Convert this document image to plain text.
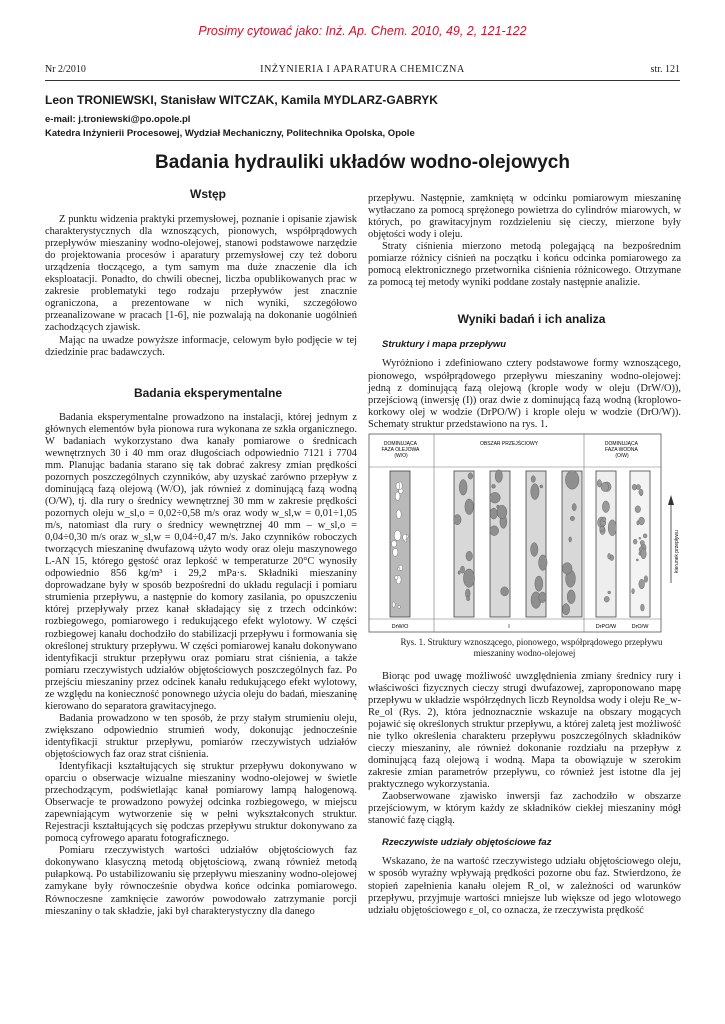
Prosimy cytować jako: Inż. Ap. Chem. 2010, 49, 2, 121-122
Nr 2/2010	INŻYNIERIA I APARATURA CHEMICZNA	str. 121
Leon TRONIEWSKI, Stanisław WITCZAK, Kamila MYDLARZ-GABRYK
e-mail: j.troniewski@po.opole.pl
Katedra Inżynierii Procesowej, Wydział Mechaniczny, Politechnika Opolska, Opole
Badania hydrauliki układów wodno-olejowych

Wstęp

Z punktu widzenia praktyki przemysłowej, poznanie i opisanie zjawisk charakterystycznych dla wznoszących, pionowych, współprądowych przepływów mieszaniny wodno-olejowej, stanowi podstawowe narzędzie do projektowania procesów i aparatury przemysłowej czy też doboru urządzenia tłoczącego, a tym samym ma duże znaczenie dla ich eksploatacji. Ponadto, do chwili obecnej, liczba opublikowanych prac w zakresie problematyki tego rodzaju przepływów jest znacznie ograniczona, a prezentowane w nich wyniki, szczegółowo przeanalizowane w pracach [1-6], nie pozwalają na dokonanie uogólnień zachodzących zjawisk.

Mając na uwadze powyższe informacje, celowym było podjęcie w tej dziedzinie prac badawczych.

Badania eksperymentalne

Badania eksperymentalne prowadzono na instalacji, której jednym z głównych elementów była pionowa rura wykonana ze szkła organicznego. W badaniach wykorzystano dwa kanały pomiarowe o średnicach wewnętrznych 30 i 40 mm oraz długościach odpowiednio 7121 i 7704 mm. Planując badania starano się tak dobrać zakresy zmian prędkości pozornych poszczególnych czynników, aby uzyskać zarówno przepływ z dominującą fazą olejową (W/O), jak również z dominującą fazą wodną (O/W), tj. dla rury o średnicy wewnętrznej 30 mm w zakresie prędkości pozornych oleju w_sl,o = 0,02÷0,58 m/s oraz wody w_sl,w = 0,01÷1,05 m/s, natomiast dla rury o średnicy wewnętrznej 40 mm – w_sl,o = 0,04÷0,30 m/s oraz w_sl,w = 0,04÷0,47 m/s. Jako czynników roboczych tworzących mieszaninę dwufazową użyto wody oraz oleju maszynowego L-AN 15, którego gęstość oraz lepkość w temperaturze 20°C wynosiły odpowiednio 856 kg/m³ i 29,2 mPa·s. Składniki mieszaniny doprowadzane były w sposób bezpośredni do układu regulacji i pomiaru strumienia przepływu, a następnie do komory zasilania, po opuszczeniu której przepływały przez kanał składający się z trzech odcinków: rozbiegowego, pomiarowego i redukującego efekt wylotowy. W części rozbiegowej kanału dochodziło do stabilizacji przepływu i formowania się określonej struktury przepływu. W części pomiarowej kanału dokonywano identyfikacji struktur przepływu oraz pomiaru strat ciśnienia, a także pomiaru rzeczywistych udziałów objętościowych poszczególnych faz. Po przejściu mieszaniny przez odcinek kanału redukującego efekt wylotowy, ze względu na konieczność ponownego użycia oleju do badań, mieszaninę kierowano do separatora grawitacyjnego.

Badania prowadzono w ten sposób, że przy stałym strumieniu oleju, zwiększano odpowiednio strumień wody, dokonując jednocześnie identyfikacji struktur przepływu, pomiarów rzeczywistych udziałów objętościowych faz oraz strat ciśnienia.

Identyfikacji kształtujących się struktur przepływu dokonywano w oparciu o obserwacje wizualne mieszaniny wodno-olejowej w świetle przechodzącym, podświetlając kanał pomiarowy lampą halogenową. Obserwacje te prowadzono powyżej odcinka rozbiegowego, w miejscu zapewniającym wytworzenie się w pełni wykształconych struktur. Rejestracji kształtujących się podczas przepływu struktur dokonywano za pomocą cyfrowego aparatu fotograficznego.

Pomiaru rzeczywistych wartości udziałów objętościowych faz dokonywano klasyczną metodą objętościową, zwaną również metodą pułapkową. Po ustabilizowaniu się przepływu mieszaniny wodno-olejowej zamykane były równocześnie obydwa końce odcinka pomiarowego. Równoczesne zamknięcie zaworów powodowało zatrzymanie porcji mieszaniny o tak składzie, jaki był charakterystyczny dla danego

przepływu. Następnie, zamkniętą w odcinku pomiarowym mieszaninę wytłaczano za pomocą sprężonego powietrza do cylindrów miarowych, w których, po grawitacyjnym rozdzieleniu się cieczy, mierzone były objętości wody i oleju.

Straty ciśnienia mierzono metodą polegającą na bezpośrednim pomiarze różnicy ciśnień na początku i końcu odcinka pomiarowego za pomocą elektronicznego przetwornika ciśnienia różnicowego. Otrzymane za pomocą tej metody wyniki poddane zostały następnie analizie.

Wyniki badań i ich analiza

Struktury i mapa przepływu

Wyróżniono i zdefiniowano cztery podstawowe formy wznoszącego, pionowego, współprądowego przepływu mieszaniny wodno-olejowej: jedną z dominującą fazą olejową (krople wody w oleju (DrW/O)), przejściową (inwersję (I)) oraz dwie z dominującą fazą wodną (kroplowo-korkowy olej w wodzie (DrPO/W) i krople oleju w wodzie (DrO/W)). Schematy struktur przedstawiono na rys. 1.

DOMINUJĄCA FAZA OLEJOWA (W/O)
OBSZAR PRZEJŚCIOWY	DOMINUJĄCA FAZA WODNA (O/W)
DrW/O	I	DrPO/W	DrO/W
kierunek przepływu

Rys. 1. Struktury wznoszącego, pionowego, współprądowego przepływu mieszaniny wodno-olejowej

Biorąc pod uwagę możliwość uwzględnienia zmiany średnicy rury i właściwości fizycznych cieczy strugi dwufazowej, zaproponowano mapę przepływu w układzie współrzędnych liczb Reynoldsa wody i oleju Re_w-Re_ol (Rys. 2), która jednoznacznie wskazuje na obszary mogących pojawić się określonych struktur przepływu, a której zaletą jest możliwość nie tylko określenia charakteru przepływu poszczególnych składników cieczy mieszaniny, ale również dokonanie rozdziału na przepływ z dominującą fazą olejową i wodną. Mapa ta obowiązuje w szerokim zakresie zmian parametrów przepływu, co również jest istotne dla jej praktycznego wykorzystania.

Zaobserwowane zjawisko inwersji faz zachodziło w obszarze przejściowym, w którym każdy ze składników ciekłej mieszaniny mógł stanowić fazę ciągłą.

Rzeczywiste udziały objętościowe faz

Wskazano, że na wartość rzeczywistego udziału objętościowego oleju, w sposób wyraźny wpływają prędkości pozorne obu faz. Stwierdzono, że stopień zapełnienia kanału olejem R_ol, w zależności od warunków przepływu, przyjmuje wartości mniejsze lub większe od jego wlotowego udziału objętościowego ε_ol, co oznacza, że rzeczywista prędkość
